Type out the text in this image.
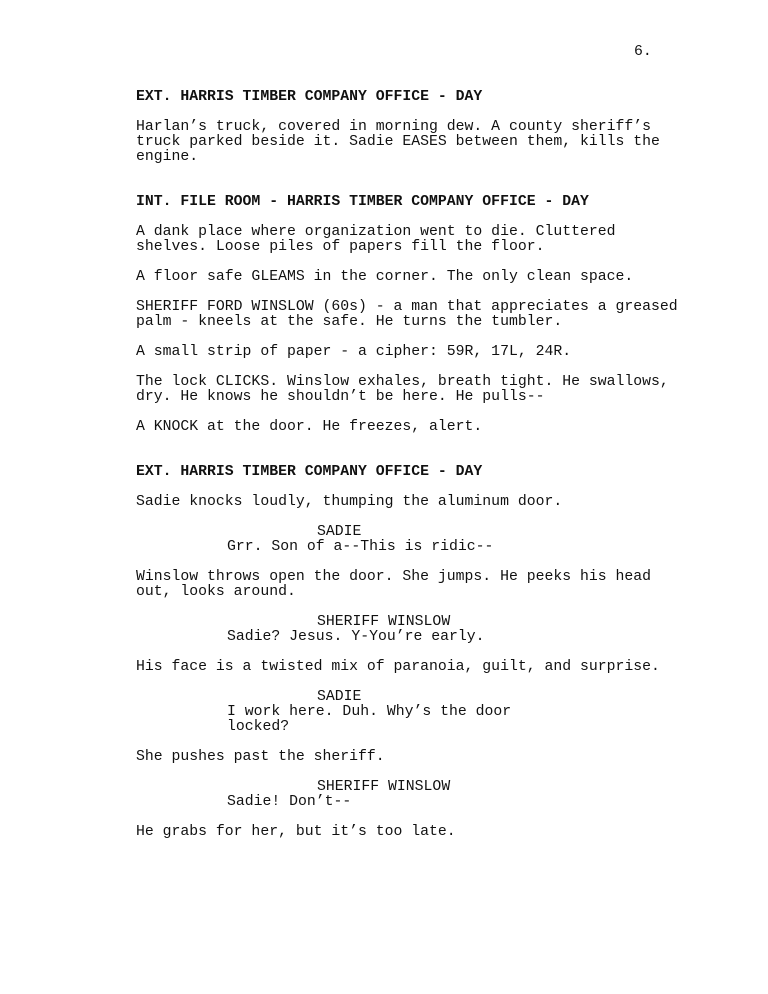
6.

EXT. HARRIS TIMBER COMPANY OFFICE - DAY

Harlan’s truck, covered in morning dew. A county sheriff’s

truck parked beside it. Sadie EASES between them, kills the

engine.

INT. FILE ROOM - HARRIS TIMBER COMPANY OFFICE - DAY

A dank place where organization went to die. Cluttered

shelves. Loose piles of papers fill the floor.

A floor safe GLEAMS in the corner. The only clean space.

SHERIFF FORD WINSLOW (60s) - a man that appreciates a greased

palm - kneels at the safe. He turns the tumbler.

A small strip of paper - a cipher: 59R, 17L, 24R.

The lock CLICKS. Winslow exhales, breath tight. He swallows,

dry. He knows he shouldn’t be here. He pulls--

A KNOCK at the door. He freezes, alert.

EXT. HARRIS TIMBER COMPANY OFFICE - DAY

Sadie knocks loudly, thumping the aluminum door.

SADIE

Grr. Son of a--This is ridic--

Winslow throws open the door. She jumps. He peeks his head

out, looks around.

SHERIFF WINSLOW

Sadie? Jesus. Y-You’re early.

His face is a twisted mix of paranoia, guilt, and surprise.

SADIE

I work here. Duh. Why’s the door

locked?

She pushes past the sheriff.

SHERIFF WINSLOW

Sadie! Don’t--

He grabs for her, but it’s too late.
